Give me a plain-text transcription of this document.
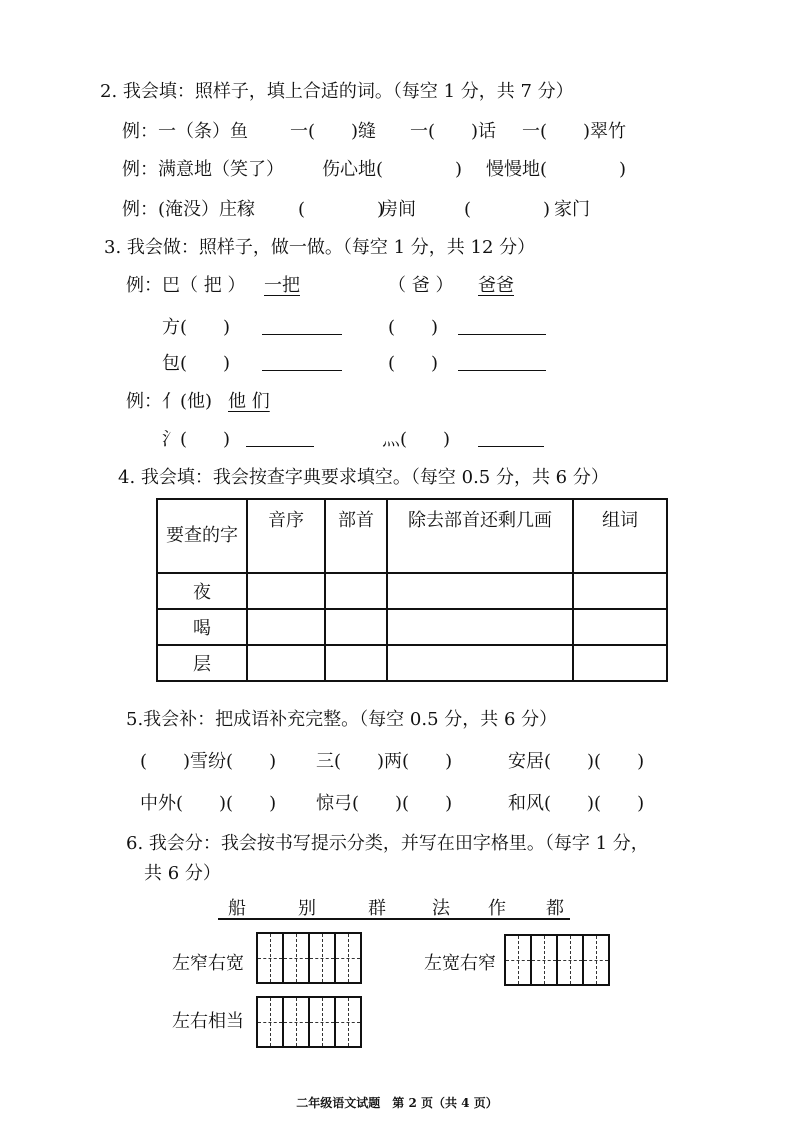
2. 我会填：照样子，填上合适的词。（每空 1 分，共 7 分）
例：一（条）鱼 一(　　)缝 一(　　)话 一(　　)翠竹
例：满意地（笑了） 伤心地(　　　　) 慢慢地(　　　　)
例：(淹没）庄稼 (　　　　)
房间	(　　　　) 家门
3. 我会做：照样子，做一做。（每空 1 分，共 12 分）
例：巴（ 把 ） 一把	（ 爸 ） 爸爸
方(　　)	(　　)
包(　　)	(　　)
例：亻(他) 他 们
氵(　　)	灬(　　)
4. 我会填：我会按查字典要求填空。（每空 0.5 分，共 6 分）
要查的字	音序	部首	除去部首还剩几画	组词
夜				
喝				
层				
5.我会补：把成语补充完整。（每空 0.5 分，共 6 分）
(　　)雪纷(　　) 三(　　)两(　　)	安居(　　)(　　)
中外(　　)(　　) 惊弓(　　)(　　)	和风(　　)(　　)
6. 我会分：我会按书写提示分类，并写在田字格里。（每字 1 分，
共 6 分）
船	别	群	法 作 都
左窄右宽	左宽右窄
左右相当
二年级语文试题　第 2 页（共 4 页）
